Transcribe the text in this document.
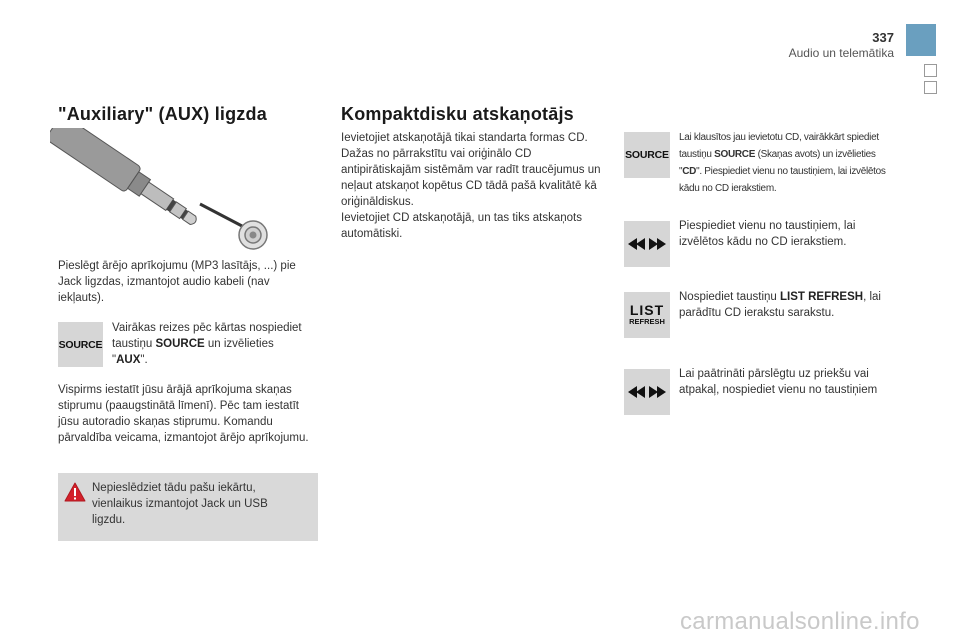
337
Audio un telemātika
"Auxiliary" (AUX) ligzda
Pieslēgt ārējo aprīkojumu (MP3 lasītājs, ...) pie Jack ligzdas, izmantojot audio kabeli (nav iekļauts).
SOURCE
Vairākas reizes pēc kārtas nospiediet taustiņu SOURCE un izvēlieties "AUX".
Vispirms iestatīt jūsu ārājā aprīkojuma skaņas stiprumu (paaugstinātā līmenī). Pēc tam iestatīt jūsu autoradio skaņas stiprumu. Komandu pārvaldība veicama, izmantojot ārējo aprīkojumu.
Nepieslēdziet tādu pašu iekārtu, vienlaikus izmantojot Jack un USB ligzdu.
Kompaktdisku atskaņotājs
Ievietojiet atskaņotājā tikai standarta formas CD.
Dažas no pārrakstītu vai oriģinālo CD antipirātiskajām sistēmām var radīt traucējumus un neļaut atskaņot kopētus CD tādā pašā kvalitātē kā oriģināldiskus.
Ievietojiet CD atskaņotājā, un tas tiks atskaņots automātiski.
SOURCE
Lai klausītos jau ievietotu CD, vairākkārt spiediet taustiņu SOURCE (Skaņas avots) un izvēlieties "CD". Piespiediet vienu no taustiņiem, lai izvēlētos kādu no CD ierakstiem.
Piespiediet vienu no taustiņiem, lai izvēlētos kādu no CD ierakstiem.
LIST
REFRESH
Nospiediet taustiņu LIST REFRESH, lai parādītu CD ierakstu sarakstu.
Lai paātrināti pārslēgtu uz priekšu vai atpakaļ, nospiediet vienu no taustiņiem
carmanualsonline.info
